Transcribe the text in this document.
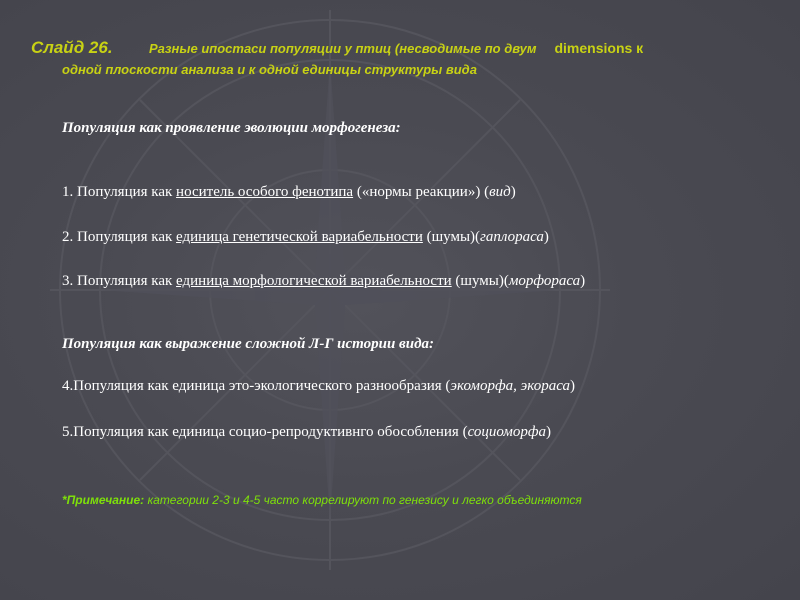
Слайд 26.	Разные ипостаси популяции у птиц (несводимые по двум dimensions к
одной плоскости анализа и к одной единицы структуры вида
Популяция как проявление эволюции морфогенеза:
1. Популяция как носитель особого фенотипа («нормы реакции») (вид)
2. Популяция как единица генетической вариабельности (шумы)(гаплораса)
3. Популяция как единица морфологической вариабельности (шумы)(морфораса)
Популяция как выражение сложной Л-Г истории вида:
4.Популяция как единица это-экологического разнообразия (экоморфа, экораса)
5.Популяция как единица социо-репродуктивнго обособления (социоморфа)
*Примечание: категории 2-3 и 4-5 часто коррелируют по генезису и легко объединяются
